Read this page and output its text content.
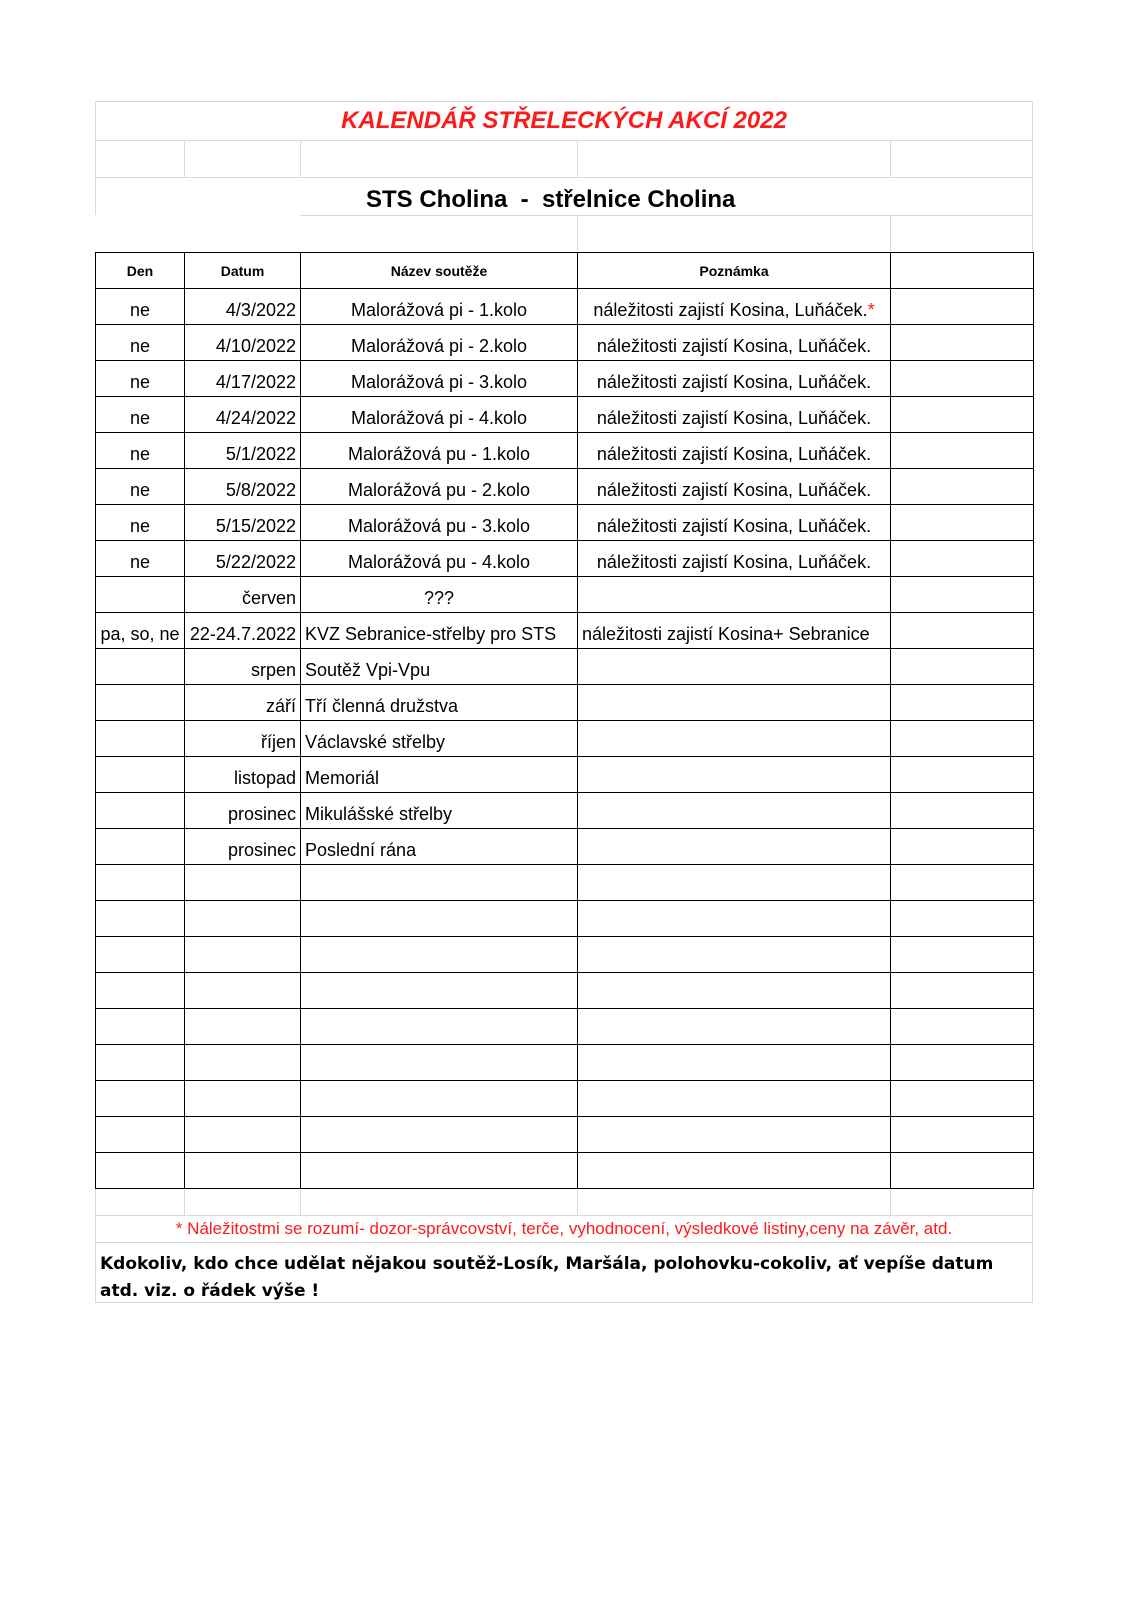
KALENDÁŘ STŘELECKÝCH AKCÍ 2022
STS Cholina  -  střelnice Cholina
Den	Datum	Název soutěže	Poznámka	
ne	4/3/2022	Malorážová pi - 1.kolo	náležitosti zajistí Kosina, Luňáček.*	
ne	4/10/2022	Malorážová pi - 2.kolo	náležitosti zajistí Kosina, Luňáček.	
ne	4/17/2022	Malorážová pi - 3.kolo	náležitosti zajistí Kosina, Luňáček.	
ne	4/24/2022	Malorážová pi - 4.kolo	náležitosti zajistí Kosina, Luňáček.	
ne	5/1/2022	Malorážová pu - 1.kolo	náležitosti zajistí Kosina, Luňáček.	
ne	5/8/2022	Malorážová pu - 2.kolo	náležitosti zajistí Kosina, Luňáček.	
ne	5/15/2022	Malorážová pu - 3.kolo	náležitosti zajistí Kosina, Luňáček.	
ne	5/22/2022	Malorážová pu - 4.kolo	náležitosti zajistí Kosina, Luňáček.	
	červen	???		
pa, so, ne	22-24.7.2022	KVZ Sebranice-střelby pro STS	náležitosti zajistí Kosina+ Sebranice	
	srpen	Soutěž Vpi-Vpu		
	září	Tří členná družstva		
	říjen	Václavské střelby		
	listopad	Memoriál		
	prosinec	Mikulášské střelby		
	prosinec	Poslední rána		

* Náležitostmi se rozumí- dozor-správcovství, terče, vyhodnocení, výsledkové listiny,ceny na závěr, atd.
Kdokoliv, kdo chce udělat nějakou soutěž-Losík, Maršála, polohovku-cokoliv, ať vepíše datum atd. viz. o řádek výše !
